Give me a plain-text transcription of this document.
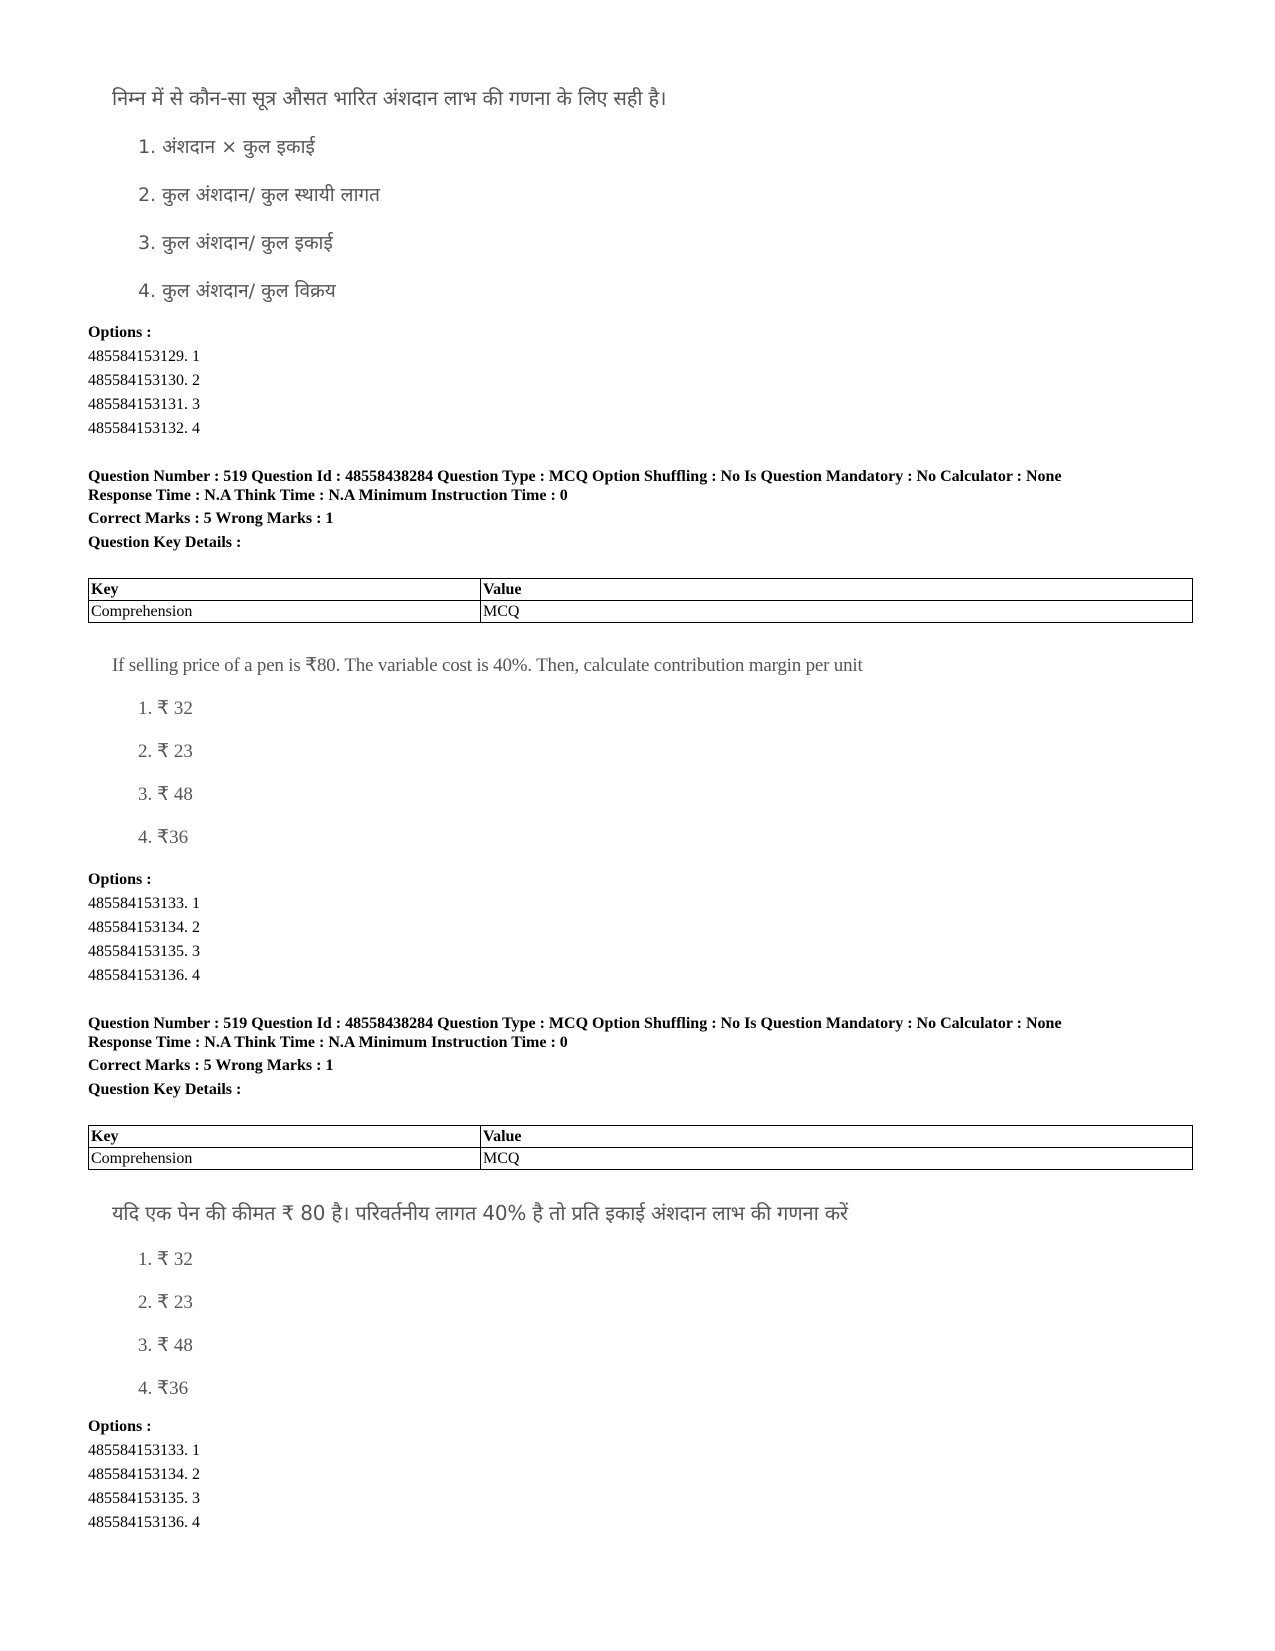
निम्न में से कौन-सा सूत्र औसत भारित अंशदान लाभ की गणना के लिए सही है।
1. अंशदान × कुल इकाई
2. कुल अंशदान/ कुल स्थायी लागत
3. कुल अंशदान/ कुल इकाई
4. कुल अंशदान/ कुल विक्रय
Options :
485584153129. 1
485584153130. 2
485584153131. 3
485584153132. 4
Question Number : 519 Question Id : 48558438284 Question Type : MCQ Option Shuffling : No Is Question Mandatory : No Calculator : None
Response Time : N.A Think Time : N.A Minimum Instruction Time : 0
Correct Marks : 5 Wrong Marks : 1
Question Key Details :
Key	Value
Comprehension	MCQ
If selling price of a pen is ₹80. The variable cost is 40%. Then, calculate contribution margin per unit
1. ₹ 32
2. ₹ 23
3. ₹ 48
4. ₹36
Options :
485584153133. 1
485584153134. 2
485584153135. 3
485584153136. 4
Question Number : 519 Question Id : 48558438284 Question Type : MCQ Option Shuffling : No Is Question Mandatory : No Calculator : None
Response Time : N.A Think Time : N.A Minimum Instruction Time : 0
Correct Marks : 5 Wrong Marks : 1
Question Key Details :
Key	Value
Comprehension	MCQ
यदि एक पेन की कीमत ₹ 80 है। परिवर्तनीय लागत 40% है तो प्रति इकाई अंशदान लाभ की गणना करें
1. ₹ 32
2. ₹ 23
3. ₹ 48
4. ₹36
Options :
485584153133. 1
485584153134. 2
485584153135. 3
485584153136. 4
